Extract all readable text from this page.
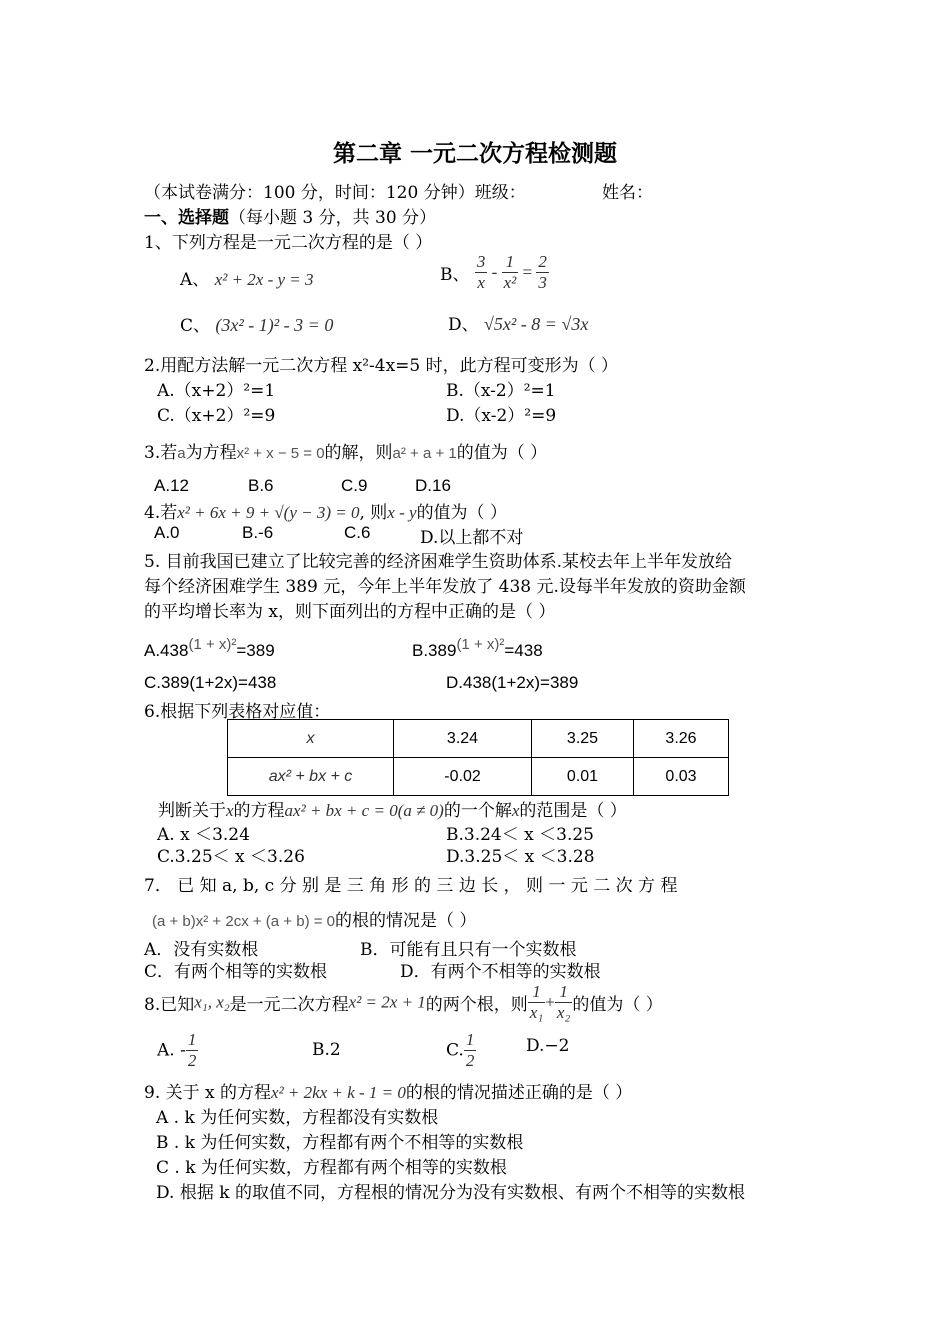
第二章 一元二次方程检测题
（本试卷满分：100 分，时间：120 分钟）班级：	姓名：
一、选择题（每小题 3 分，共 30 分）
1、下列方程是一元二次方程的是（ ）
A、 x² + 2x - y = 3	B、 $\frac{3}{x} - \frac{1}{\text{x²}} = \frac{2}{3}$
C、 (3x² - 1)² - 3 = 0	D、 √5x² - 8 = √3x
2.用配方法解一元二次方程 x²-4x=5 时，此方程可变形为（ ）
A.（x+2）²=1	B.（x-2）²=1
C.（x+2）²=9	D.（x-2）²=9
3.若a为方程x² + x − 5 = 0的解，则a² + a + 1的值为（ ）
A.12	B.6	C.9	D.16
4.若x² + 6x + 9 + √(y − 3) = 0, 则x - y的值为（ ）
A.0	B.-6	C.6	D.以上都不对
5. 目前我国已建立了比较完善的经济困难学生资助体系.某校去年上半年发放给
每个经济困难学生 389 元，今年上半年发放了 438 元.设每半年发放的资助金额
的平均增长率为 x，则下面列出的方程中正确的是（ ）
A.438(1 + x)²=389	B.389(1 + x)²=438
C.389(1+2x)=438	D.438(1+2x)=389
6.根据下列表格对应值：
x	3.24	3.25	3.26
ax² + bx + c	-0.02	0.01	0.03
判断关于x的方程ax² + bx + c = 0(a ≠ 0)的一个解x的范围是（ ）
A. x ＜3.24	B.3.24＜ x ＜3.25
C.3.25＜ x ＜3.26	D.3.25＜ x ＜3.28
7． 已 知 a, b, c 分 别 是 三 角 形 的 三 边 长 ， 则 一 元 二 次 方 程
(a + b)x² + 2cx + (a + b) = 0的根的情况是（ ）
A．没有实数根	B．可能有且只有一个实数根
C．有两个相等的实数根	D．有两个不相等的实数根
8.已知x₁, x₂是一元二次方程x² = 2x + 1的两个根，则 $\frac{1}{\text{x₁}} + \frac{1}{\text{x₂}}$ 的值为（ ）
A. - $\frac{1}{2}$	B.2	C. $\frac{1}{2}$	D.−2
9. 关于 x 的方程x² + 2kx + k - 1 = 0的根的情况描述正确的是（ ）
A . k 为任何实数，方程都没有实数根
B . k 为任何实数，方程都有两个不相等的实数根
C . k 为任何实数，方程都有两个相等的实数根
D. 根据 k 的取值不同，方程根的情况分为没有实数根、有两个不相等的实数根
